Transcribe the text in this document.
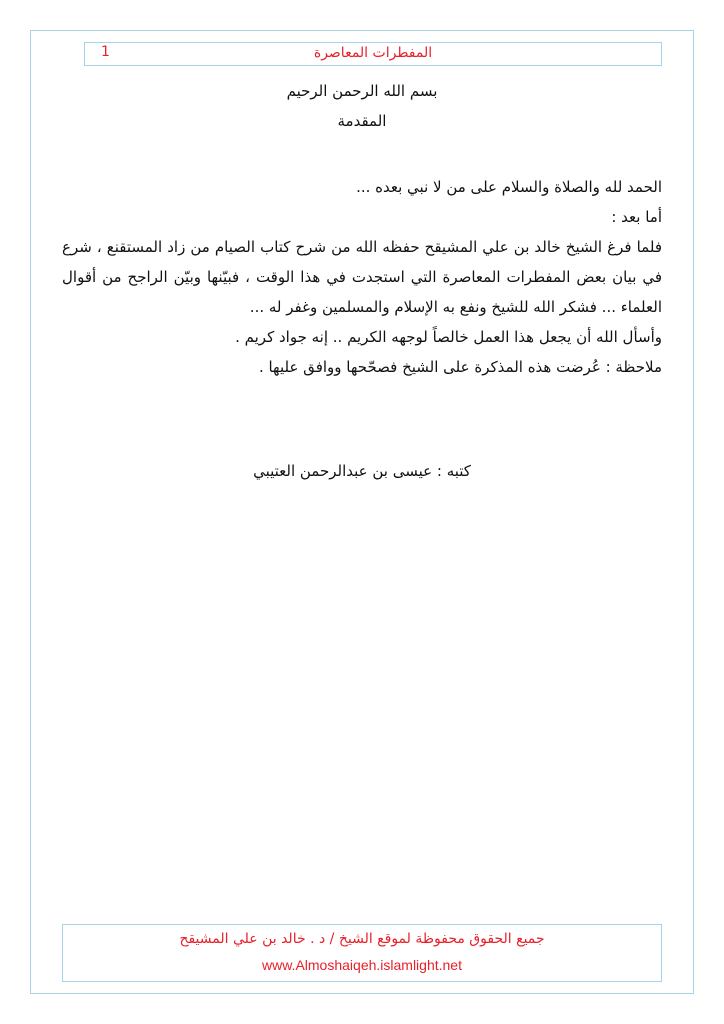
1	المفطرات المعاصرة
بسم الله الرحمن الرحيم
المقدمة
الحمد لله والصلاة والسلام على من لا نبي بعده ...
أما بعد :
فلما فرغ الشيخ خالد بن علي المشيقح حفظه الله من شرح كتاب الصيام من زاد المستقنع ، شرع
في بيان بعض المفطرات المعاصرة التي استجدت في هذا الوقت ، فبيّنها وبيّن الراجح من أقوال
العلماء ... فشكر الله للشيخ ونفع به الإسلام والمسلمين وغفر له ...
وأسأل الله أن يجعل هذا العمل خالصاً لوجهه الكريم .. إنه جواد كريم .
ملاحظة : عُرضت هذه المذكرة على الشيخ فصحّحها ووافق عليها .
كتبه : عيسى بن عبدالرحمن العتيبي
جميع الحقوق محفوظة لموقع الشيخ / د . خالد بن علي المشيقح
www.Almoshaiqeh.islamlight.net
